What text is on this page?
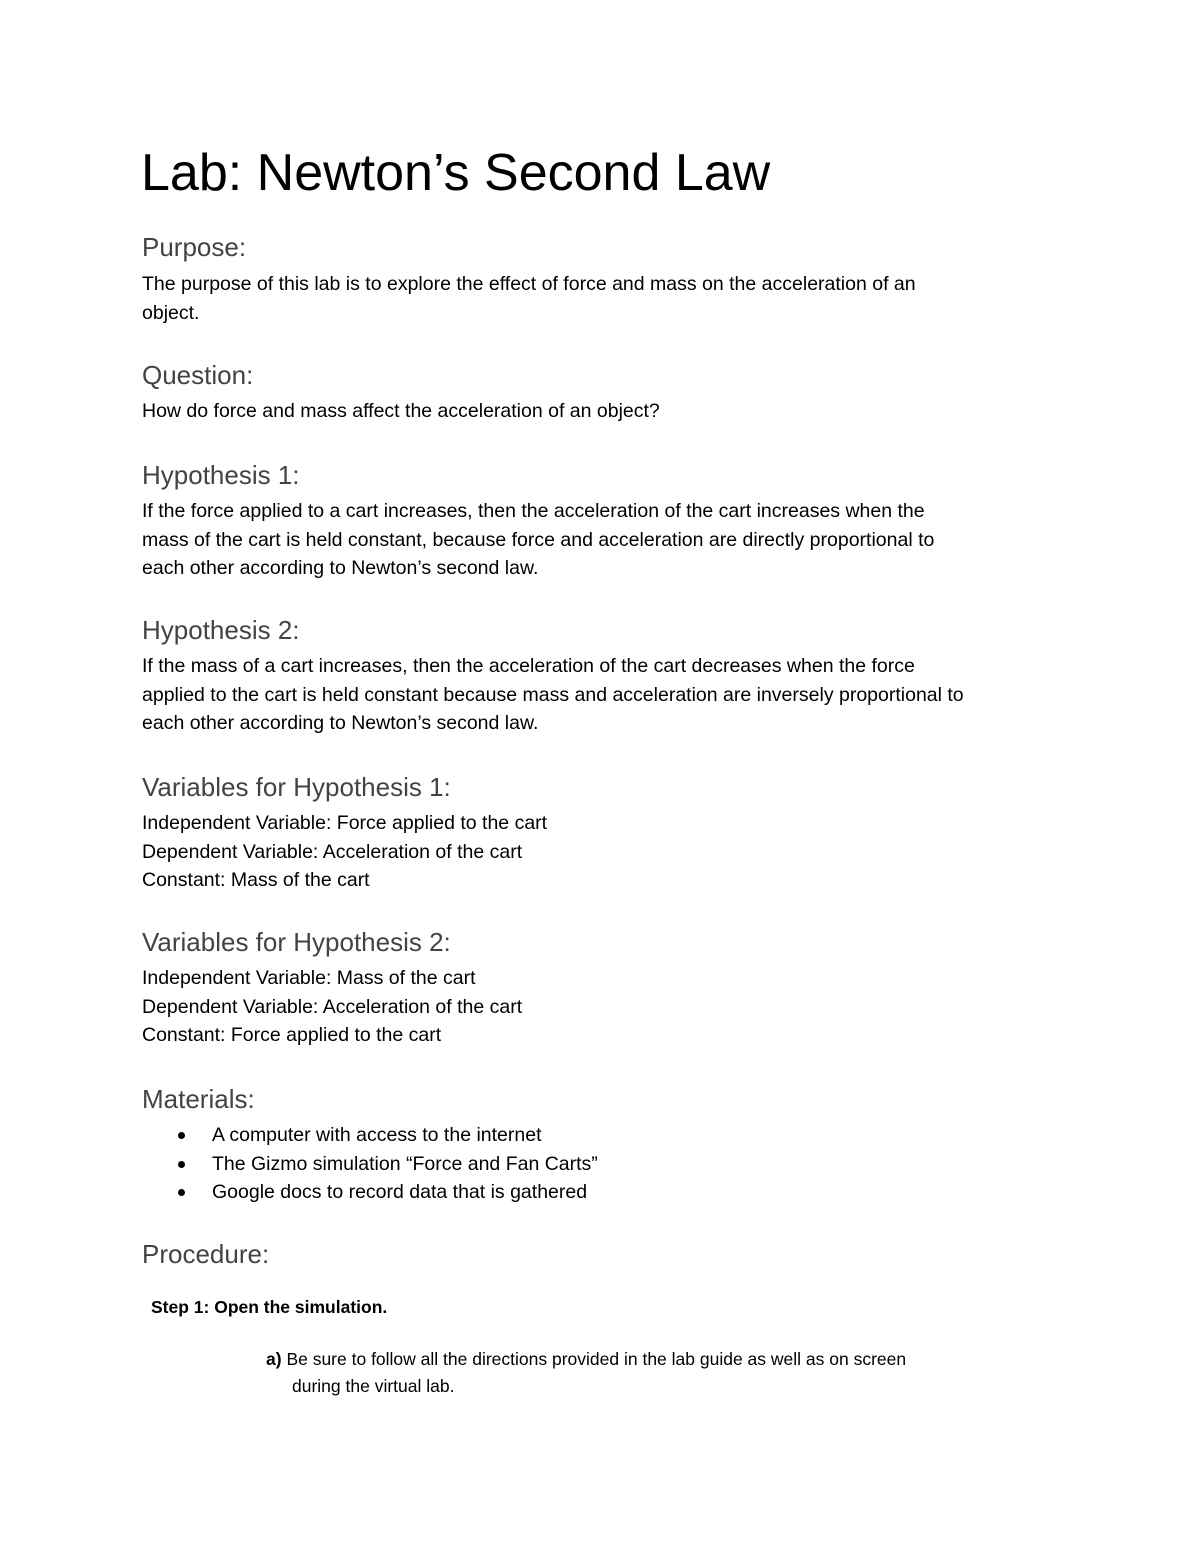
Lab: Newton’s Second Law
Purpose:
The purpose of this lab is to explore the effect of force and mass on the acceleration of an
object.
Question:
How do force and mass affect the acceleration of an object?
Hypothesis 1:
If the force applied to a cart increases, then the acceleration of the cart increases when the
mass of the cart is held constant, because force and acceleration are directly proportional to
each other according to Newton’s second law.
Hypothesis 2:
If the mass of a cart increases, then the acceleration of the cart decreases when the force
applied to the cart is held constant because mass and acceleration are inversely proportional to
each other according to Newton’s second law.
Variables for Hypothesis 1:
Independent Variable: Force applied to the cart
Dependent Variable: Acceleration of the cart
Constant: Mass of the cart
Variables for Hypothesis 2:
Independent Variable: Mass of the cart
Dependent Variable: Acceleration of the cart
Constant: Force applied to the cart
Materials:
A computer with access to the internet
The Gizmo simulation “Force and Fan Carts”
Google docs to record data that is gathered
Procedure:

Step 1: Open the simulation.

a) Be sure to follow all the directions provided in the lab guide as well as on screen
during the virtual lab.
